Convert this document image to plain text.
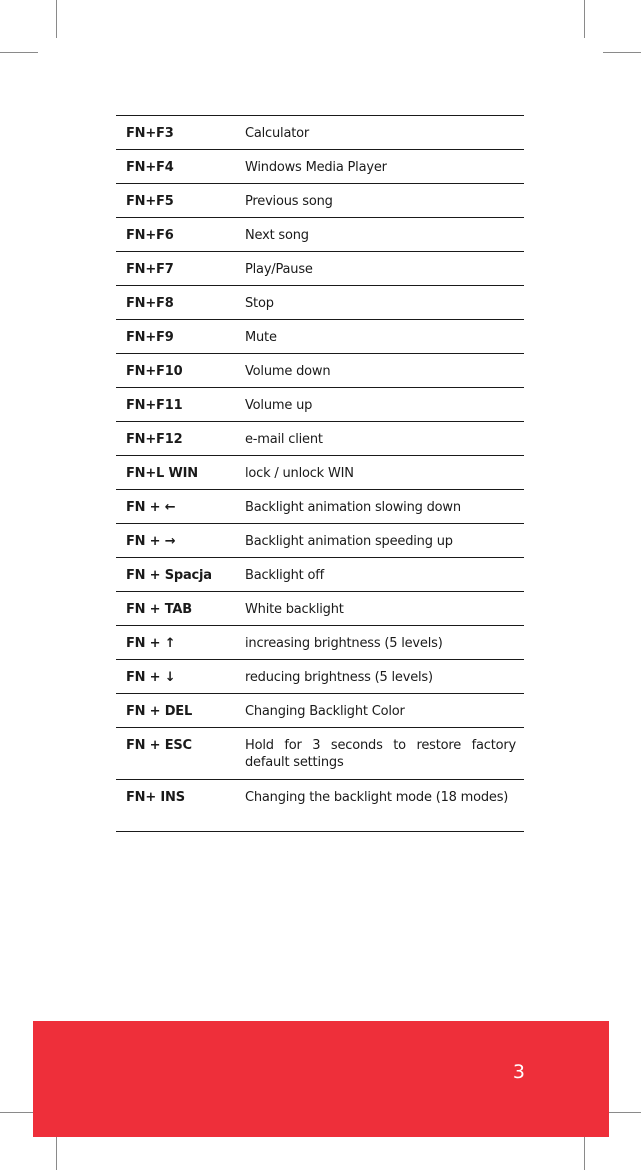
FN+F3	Calculator
FN+F4	Windows Media Player
FN+F5	Previous song
FN+F6	Next song
FN+F7	Play/Pause
FN+F8	Stop
FN+F9	Mute
FN+F10	Volume down
FN+F11	Volume up
FN+F12	e-mail client
FN+L WIN	lock / unlock WIN
FN + ←	Backlight animation slowing down
FN + →	Backlight animation speeding up
FN + Spacja	Backlight off
FN + TAB	White backlight
FN + ↑	increasing brightness (5 levels)
FN + ↓	reducing brightness (5 levels)
FN + DEL	Changing Backlight Color
FN + ESC	Hold for 3 seconds to restore factory default settings
FN+ INS	Changing the backlight mode (18 modes)
3
